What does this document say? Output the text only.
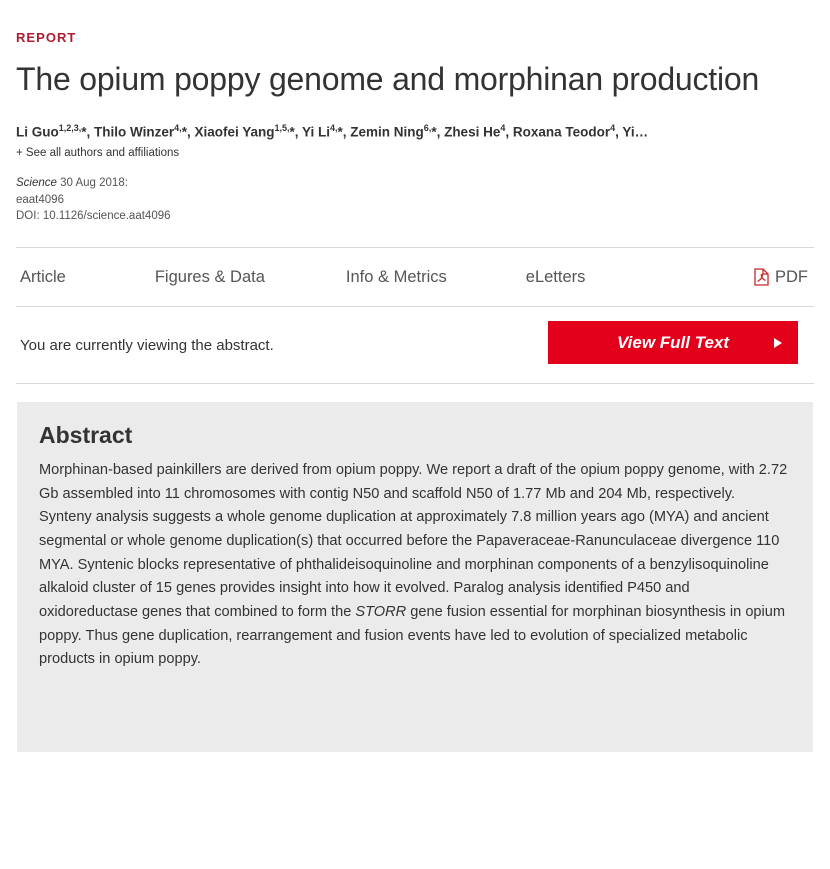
REPORT
The opium poppy genome and morphinan production
Li Guo$^{1,2,3,}$*, Thilo Winzer$^{4,}$*, Xiaofei Yang$^{1,5,}$*, Yi $Li^{4,}*$, Zemin Ning$^{6,}$*, Zhesi He$^4$, Roxana Teodor$^4$, Yi…
+ See all authors and affiliations
Science 30 Aug 2018:
eaat4096
DOI: 10.1126/science.aat4096
Article	Figures & Data	Info & Metrics	eLetters	PDF
You are currently viewing the abstract.	View Full Text
Abstract

Morphinan-based painkillers are derived from opium poppy. We report a draft of the opium poppy genome, with 2.72 Gb assembled into 11 chromosomes with contig N50 and scaffold N50 of 1.77 Mb and 204 Mb, respectively. Synteny analysis suggests a whole genome duplication at approximately 7.8 million years ago (MYA) and ancient segmental or whole genome duplication(s) that occurred before the Papaveraceae-Ranunculaceae divergence 110 MYA. Syntenic blocks representative of phthalideisoquinoline and morphinan components of a benzylisoquinoline alkaloid cluster of 15 genes provides insight into how it evolved. Paralog analysis identified P450 and oxidoreductase genes that combined to form the STORR gene fusion essential for morphinan biosynthesis in opium poppy. Thus gene duplication, rearrangement and fusion events have led to evolution of specialized metabolic products in opium poppy.
